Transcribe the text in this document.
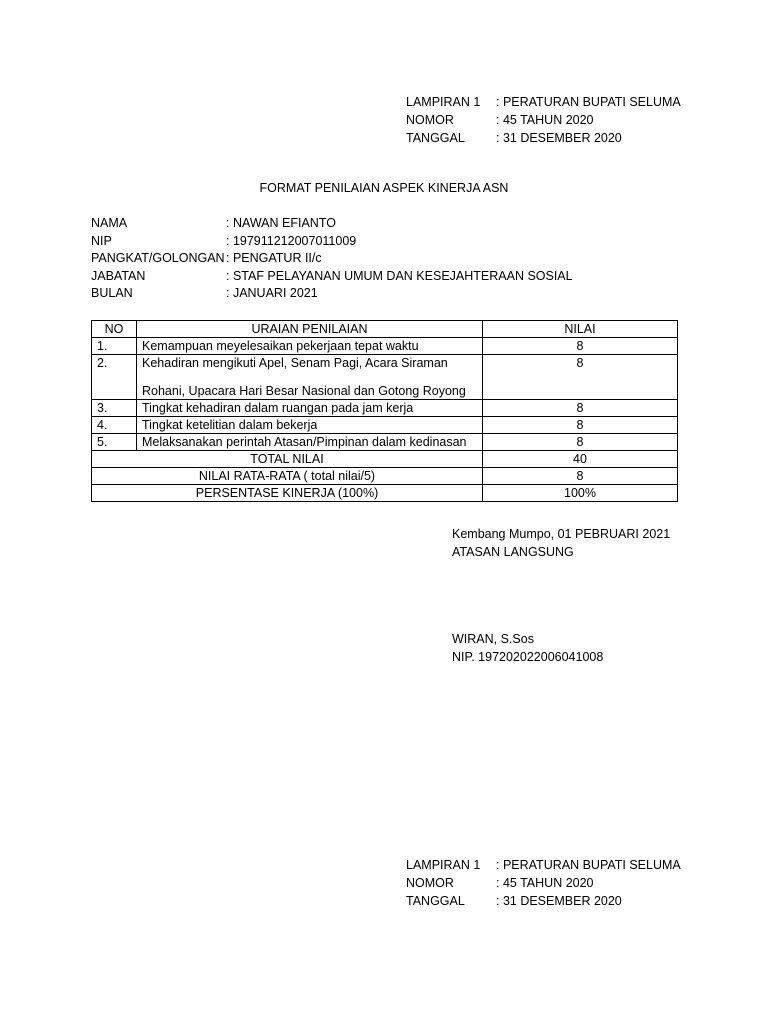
LAMPIRAN 1	: PERATURAN BUPATI SELUMA
NOMOR	: 45 TAHUN 2020
TANGGAL	: 31 DESEMBER 2020
FORMAT PENILAIAN ASPEK KINERJA ASN
NAMA	: NAWAN EFIANTO
NIP	: 197911212007011009
PANGKAT/GOLONGAN : PENGATUR II/c
JABATAN	: STAF PELAYANAN UMUM DAN KESEJAHTERAAN SOSIAL
BULAN	: JANUARI 2021
NO	URAIAN PENILAIAN	NILAI
1.	Kemampuan meyelesaikan pekerjaan tepat waktu	8
2.	Kehadiran mengikuti Apel, Senam Pagi, Acara Siraman
Rohani, Upacara Hari Besar Nasional dan Gotong Royong	8
3.	Tingkat kehadiran dalam ruangan pada jam kerja	8
4.	Tingkat ketelitian dalam bekerja	8
5.	Melaksanakan perintah Atasan/Pimpinan dalam kedinasan	8
TOTAL NILAI		40
NILAI RATA-RATA ( total nilai/5)		8
PERSENTASE KINERJA (100%)		100%
Kembang Mumpo, 01 PEBRUARI 2021
ATASAN LANGSUNG
WIRAN, S.Sos
NIP. 197202022006041008
LAMPIRAN 1	: PERATURAN BUPATI SELUMA
NOMOR	: 45 TAHUN 2020
TANGGAL	: 31 DESEMBER 2020
